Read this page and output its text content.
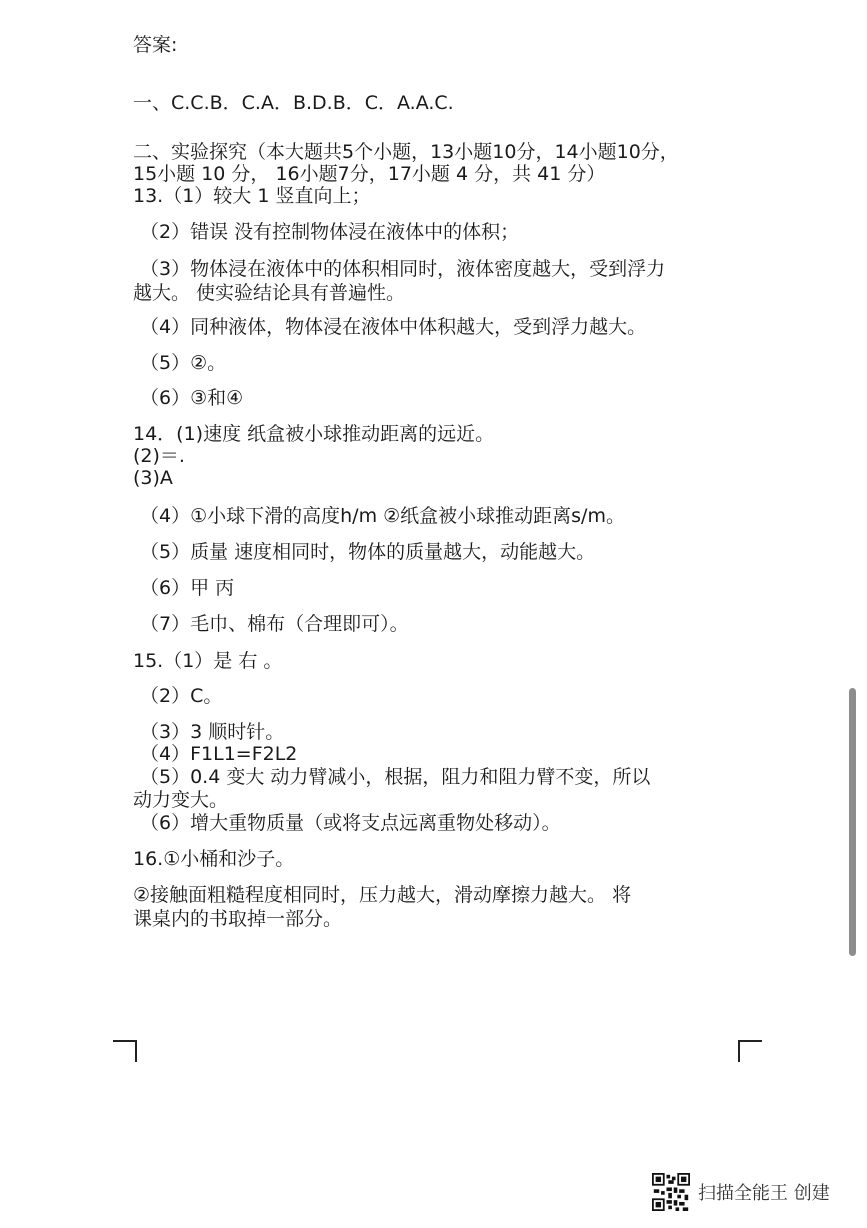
答案:
一、C.C.B．C.A．B.D.B．C．A.A.C.
二、实验探究（本大题共5个小题，13小题10分，14小题10分，
15小题 10 分， 16小题7分，17小题 4 分，共 41 分）
13.（1）较大 1 竖直向上；
（2）错误 没有控制物体浸在液体中的体积；
（3）物体浸在液体中的体积相同时，液体密度越大，受到浮力
越大。 使实验结论具有普遍性。
（4）同种液体，物体浸在液体中体积越大，受到浮力越大。
（5）②。
（6）③和④
14．(1)速度 纸盒被小球推动距离的远近。
(2)＝.
(3)A
（4）①小球下滑的高度h/m ②纸盒被小球推动距离s/m。
（5）质量 速度相同时，物体的质量越大，动能越大。
（6）甲 丙
（7）毛巾、棉布（合理即可）。
15.（1）是 右 。
（2）C。
（3）3 顺时针。
（4）F1L1=F2L2
（5）0.4 变大 动力臂减小，根据，阻力和阻力臂不变，所以
动力变大。
（6）增大重物质量（或将支点远离重物处移动）。
16.①小桶和沙子。
②接触面粗糙程度相同时，压力越大，滑动摩擦力越大。 将
课桌内的书取掉一部分。
扫描全能王 创建
